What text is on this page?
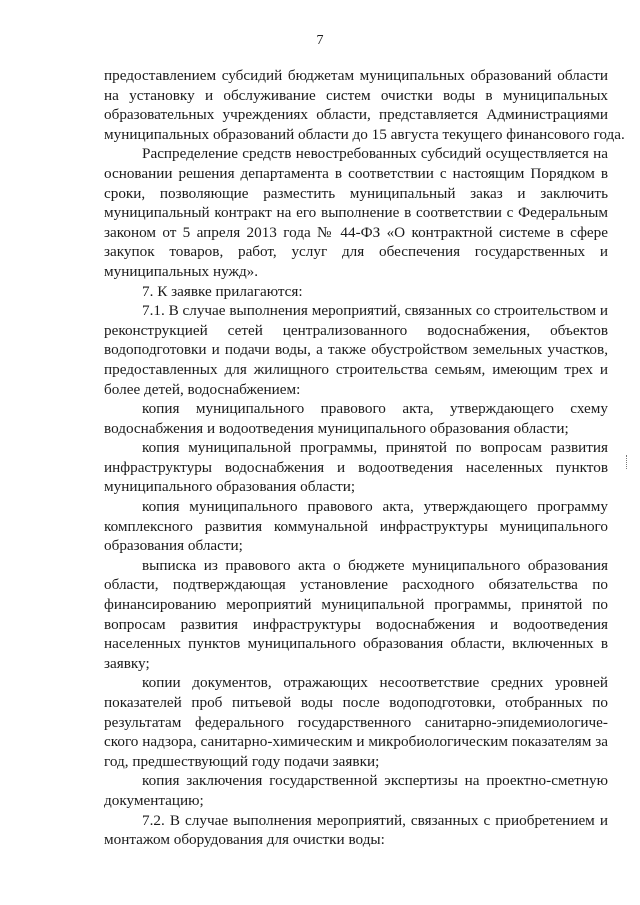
7
предоставлением субсидий бюджетам муниципальных образований области
на установку и обслуживание систем очистки воды в муниципальных
образовательных учреждениях области, представляется Администрациями
муниципальных образований области до 15 августа текущего финансового года.
Распределение средств невостребованных субсидий осуществляется на
основании решения департамента в соответствии с настоящим Порядком в
сроки, позволяющие разместить муниципальный заказ и заключить
муниципальный контракт на его выполнение в соответствии с Федеральным
законом от 5 апреля 2013 года № 44-ФЗ «О контрактной системе в сфере
закупок товаров, работ, услуг для обеспечения государственных и
муниципальных нужд».
7. К заявке прилагаются:
7.1. В случае выполнения мероприятий, связанных со строительством и
реконструкцией сетей централизованного водоснабжения, объектов
водоподготовки и подачи воды, а также обустройством земельных участков,
предоставленных для жилищного строительства семьям, имеющим трех и
более детей, водоснабжением:
копия муниципального правового акта, утверждающего схему
водоснабжения и водоотведения муниципального образования области;
копия муниципальной программы, принятой по вопросам развития
инфраструктуры водоснабжения и водоотведения населенных пунктов
муниципального образования области;
копия муниципального правового акта, утверждающего программу
комплексного развития коммунальной инфраструктуры муниципального
образования области;
выписка из правового акта о бюджете муниципального образования
области, подтверждающая установление расходного обязательства по
финансированию мероприятий муниципальной программы, принятой по
вопросам развития инфраструктуры водоснабжения и водоотведения
населенных пунктов муниципального образования области, включенных в
заявку;
копии документов, отражающих несоответствие средних уровней
показателей проб питьевой воды после водоподготовки, отобранных по
результатам федерального государственного санитарно-эпидемиологиче-
ского надзора, санитарно-химическим и микробиологическим показателям за
год, предшествующий году подачи заявки;
копия заключения государственной экспертизы на проектно-сметную
документацию;
7.2. В случае выполнения мероприятий, связанных с приобретением и
монтажом оборудования для очистки воды:
